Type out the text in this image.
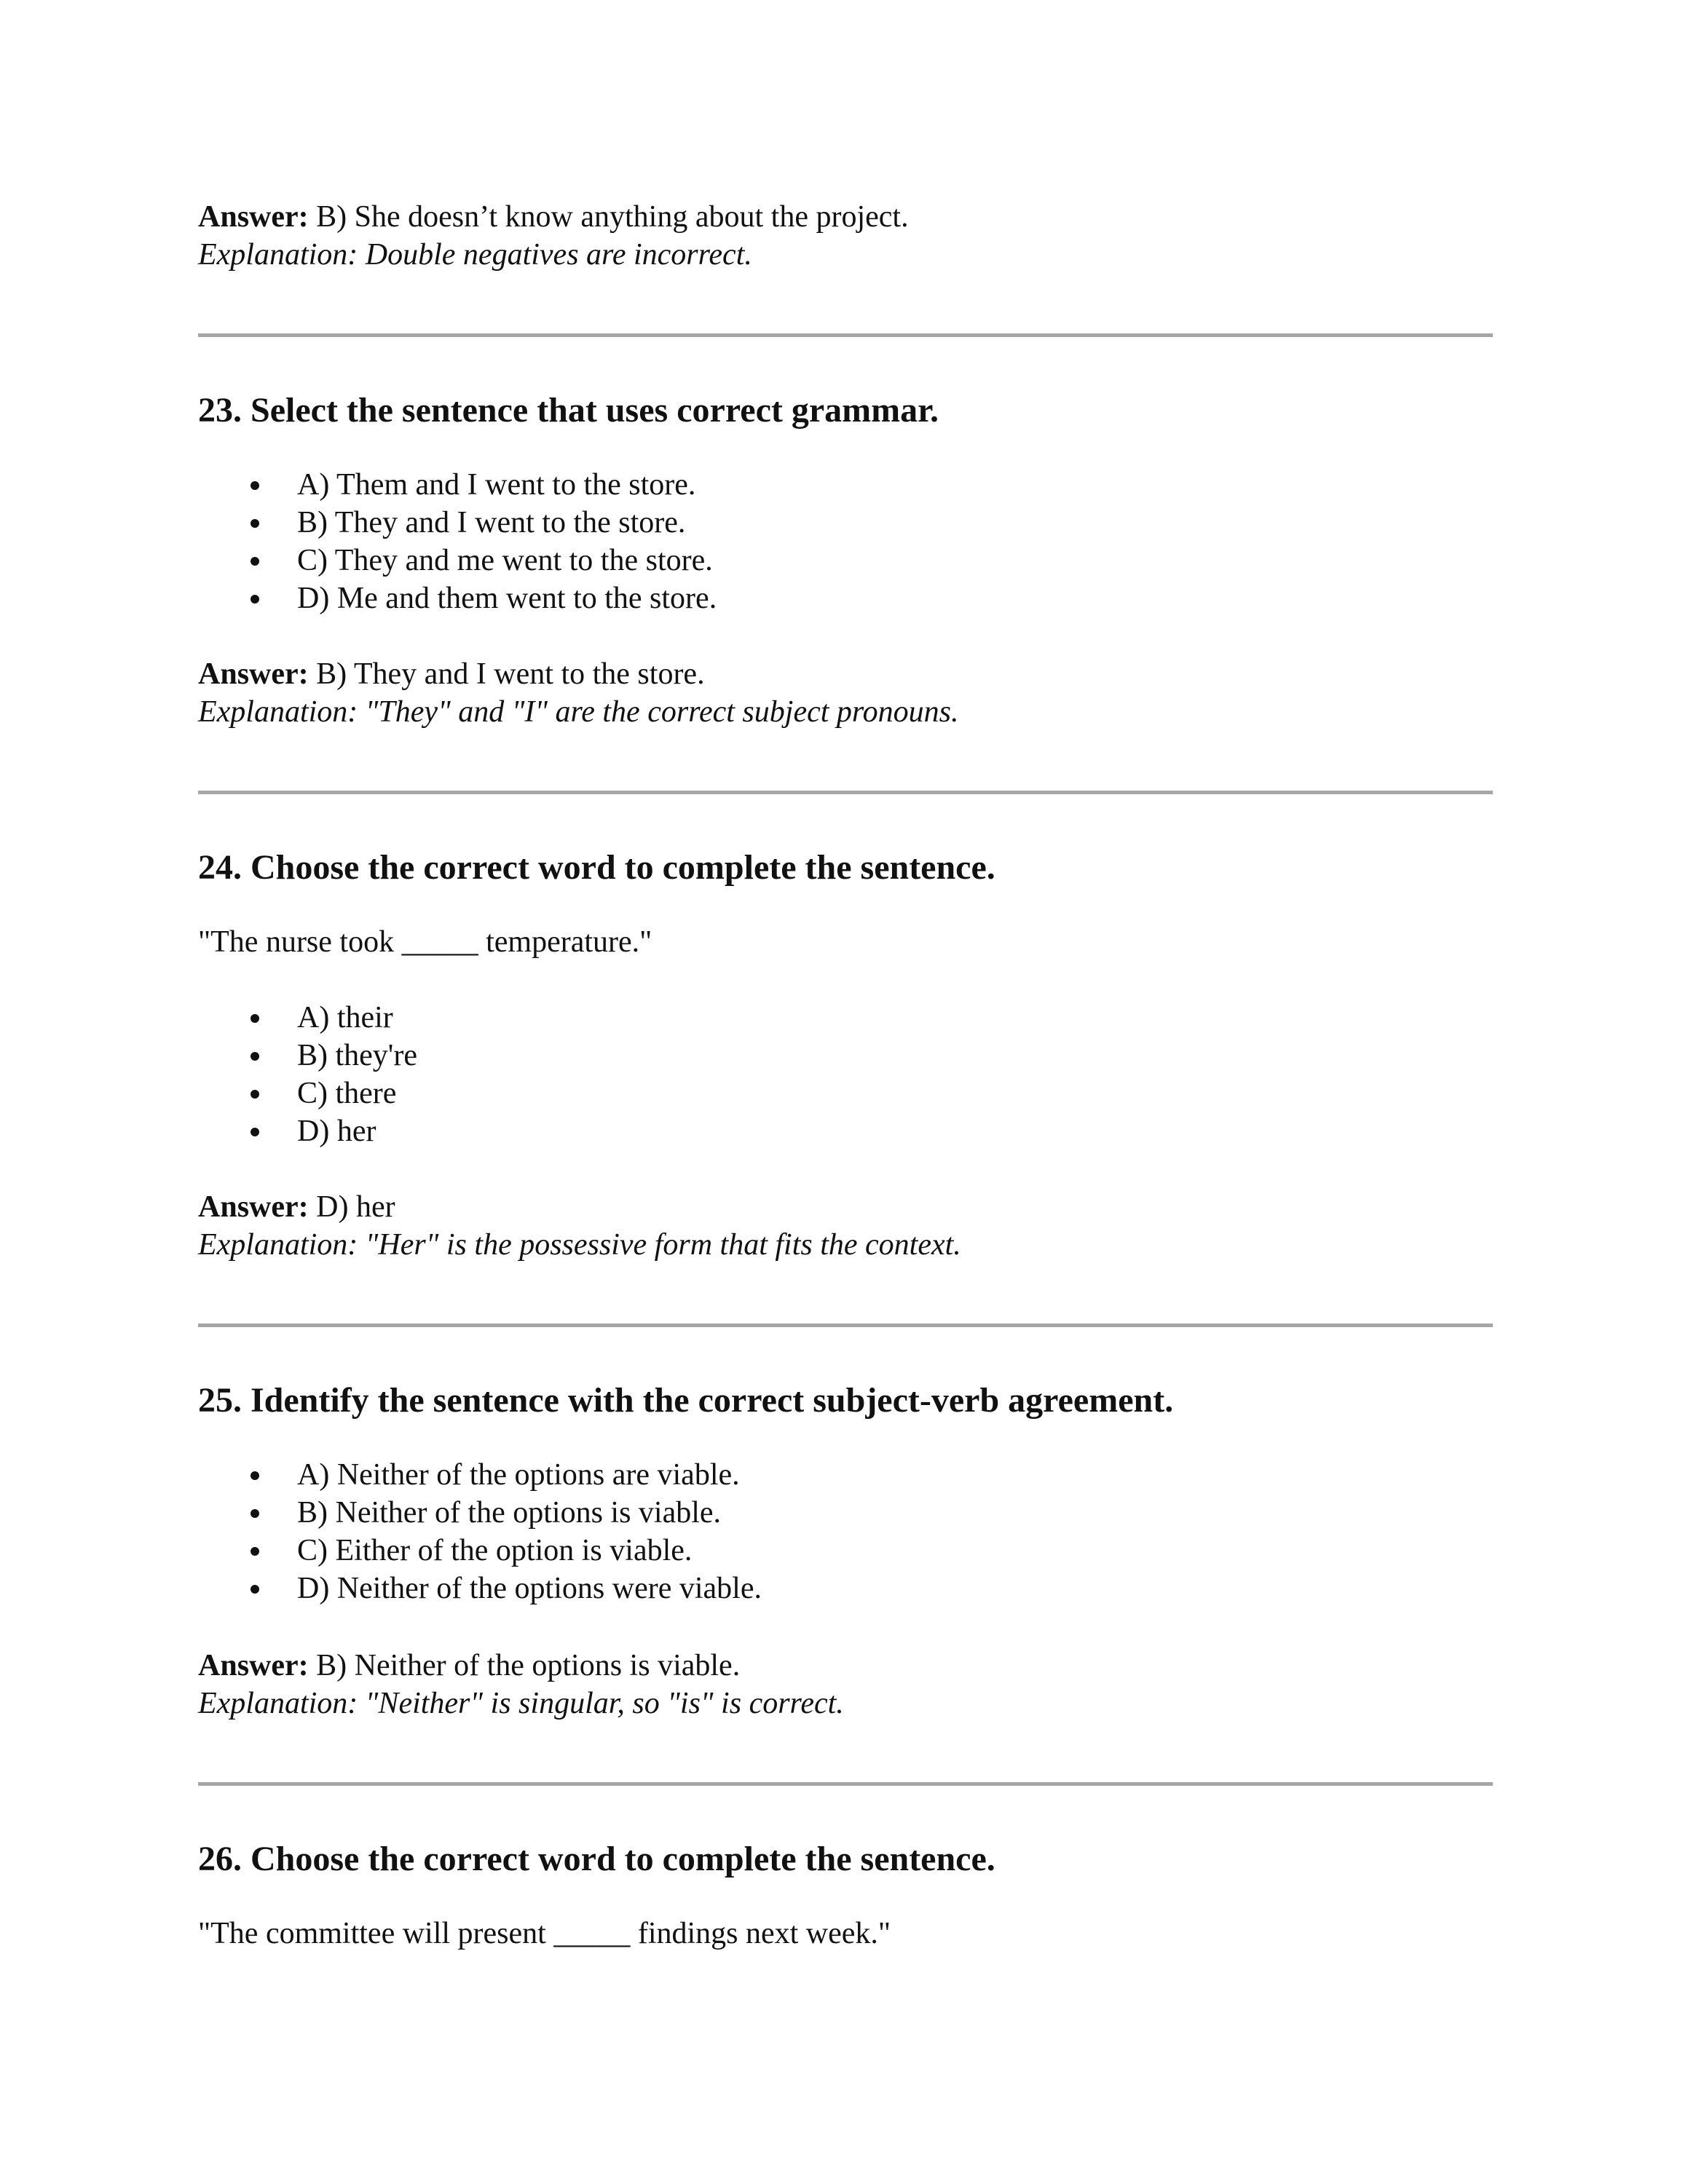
Answer: B) She doesn’t know anything about the project.
Explanation: Double negatives are incorrect.
23. Select the sentence that uses correct grammar.
A) Them and I went to the store.
B) They and I went to the store.
C) They and me went to the store.
D) Me and them went to the store.
Answer: B) They and I went to the store.
Explanation: "They" and "I" are the correct subject pronouns.
24. Choose the correct word to complete the sentence.
"The nurse took _____ temperature."
A) their
B) they're
C) there
D) her
Answer: D) her
Explanation: "Her" is the possessive form that fits the context.
25. Identify the sentence with the correct subject-verb agreement.
A) Neither of the options are viable.
B) Neither of the options is viable.
C) Either of the option is viable.
D) Neither of the options were viable.
Answer: B) Neither of the options is viable.
Explanation: "Neither" is singular, so "is" is correct.
26. Choose the correct word to complete the sentence.
"The committee will present _____ findings next week."
